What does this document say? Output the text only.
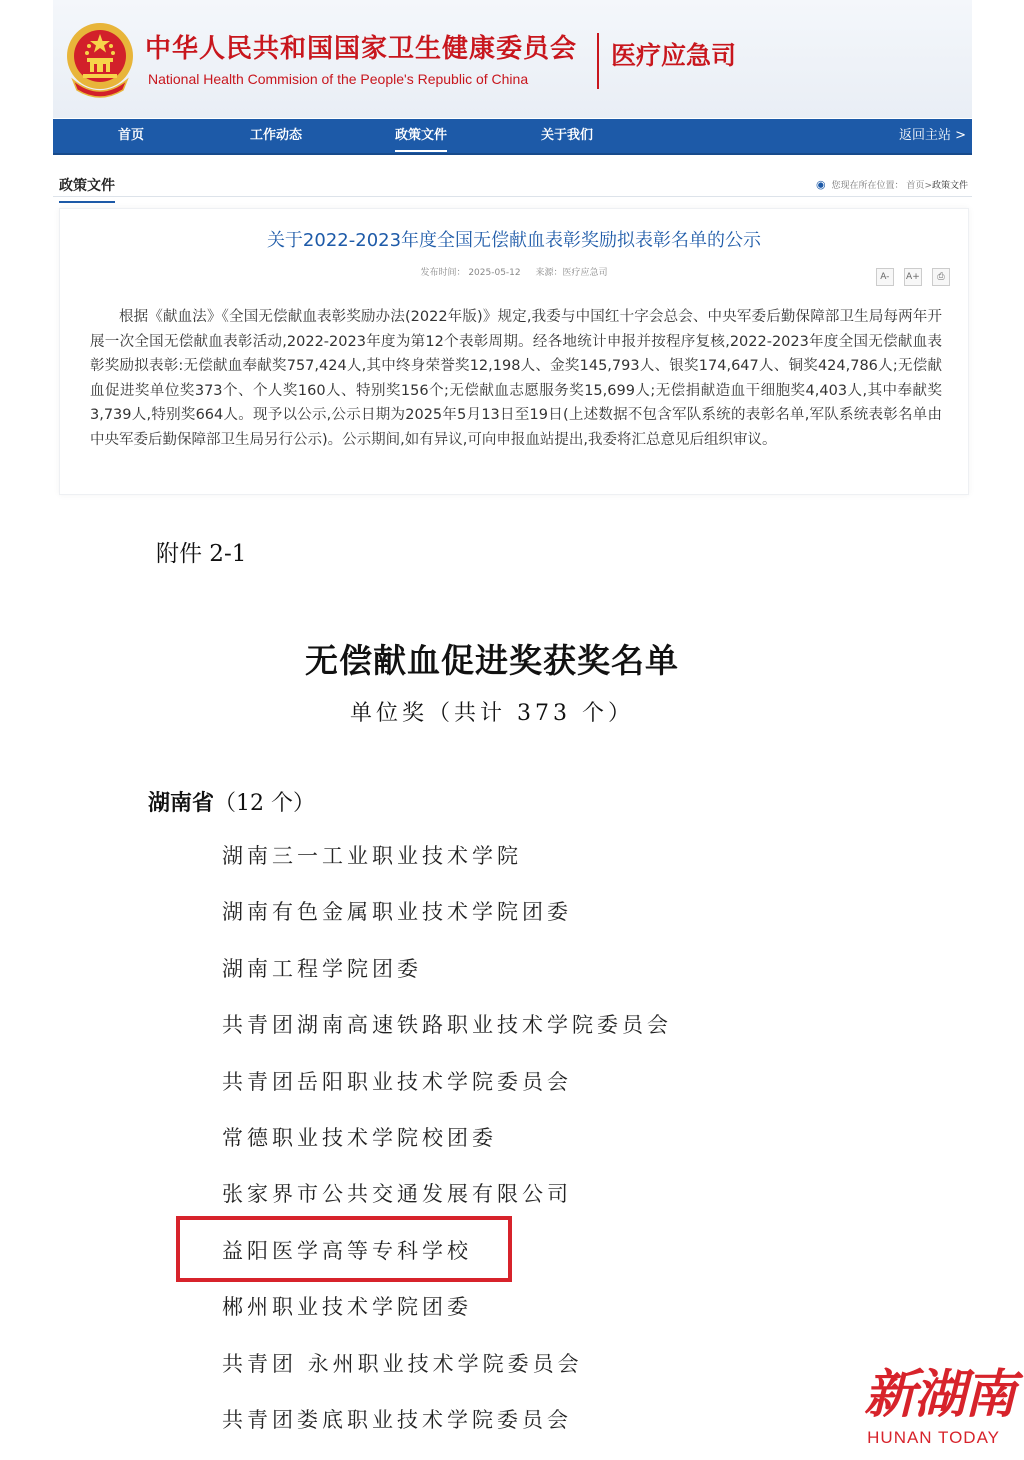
中华人民共和国国家卫生健康委员会
National Health Commision of the People's Republic of China
医疗应急司
首页	工作动态	政策文件	关于我们	返回主站 >
政策文件	◉ 您现在所在位置： 首页>政策文件
关于2022-2023年度全国无偿献血表彰奖励拟表彰名单的公示
发布时间： 2025-05-12 来源：医疗应急司	A- A+ ⎙
根据《献血法》《全国无偿献血表彰奖励办法(2022年版)》规定,我委与中国红十字会总会、中央军委后勤保障部卫生局每两年开展一次全国无偿献血表彰活动,2022-2023年度为第12个表彰周期。经各地统计申报并按程序复核,2022-2023年度全国无偿献血表彰奖励拟表彰:无偿献血奉献奖757,424人,其中终身荣誉奖12,198人、金奖145,793人、银奖174,647人、铜奖424,786人;无偿献血促进奖单位奖373个、个人奖160人、特别奖156个;无偿献血志愿服务奖15,699人;无偿捐献造血干细胞奖4,403人,其中奉献奖3,739人,特别奖664人。现予以公示,公示日期为2025年5月13日至19日(上述数据不包含军队系统的表彰名单,军队系统表彰名单由中央军委后勤保障部卫生局另行公示)。公示期间,如有异议,可向申报血站提出,我委将汇总意见后组织审议。
附件 2-1
无偿献血促进奖获奖名单
单位奖（共计 373 个）
湖南省（12 个）
湖南三一工业职业技术学院
湖南有色金属职业技术学院团委
湖南工程学院团委
共青团湖南高速铁路职业技术学院委员会
共青团岳阳职业技术学院委员会
常德职业技术学院校团委
张家界市公共交通发展有限公司
益阳医学高等专科学校
郴州职业技术学院团委
共青团 永州职业技术学院委员会
共青团娄底职业技术学院委员会	新湖南
HUNAN TODAY
